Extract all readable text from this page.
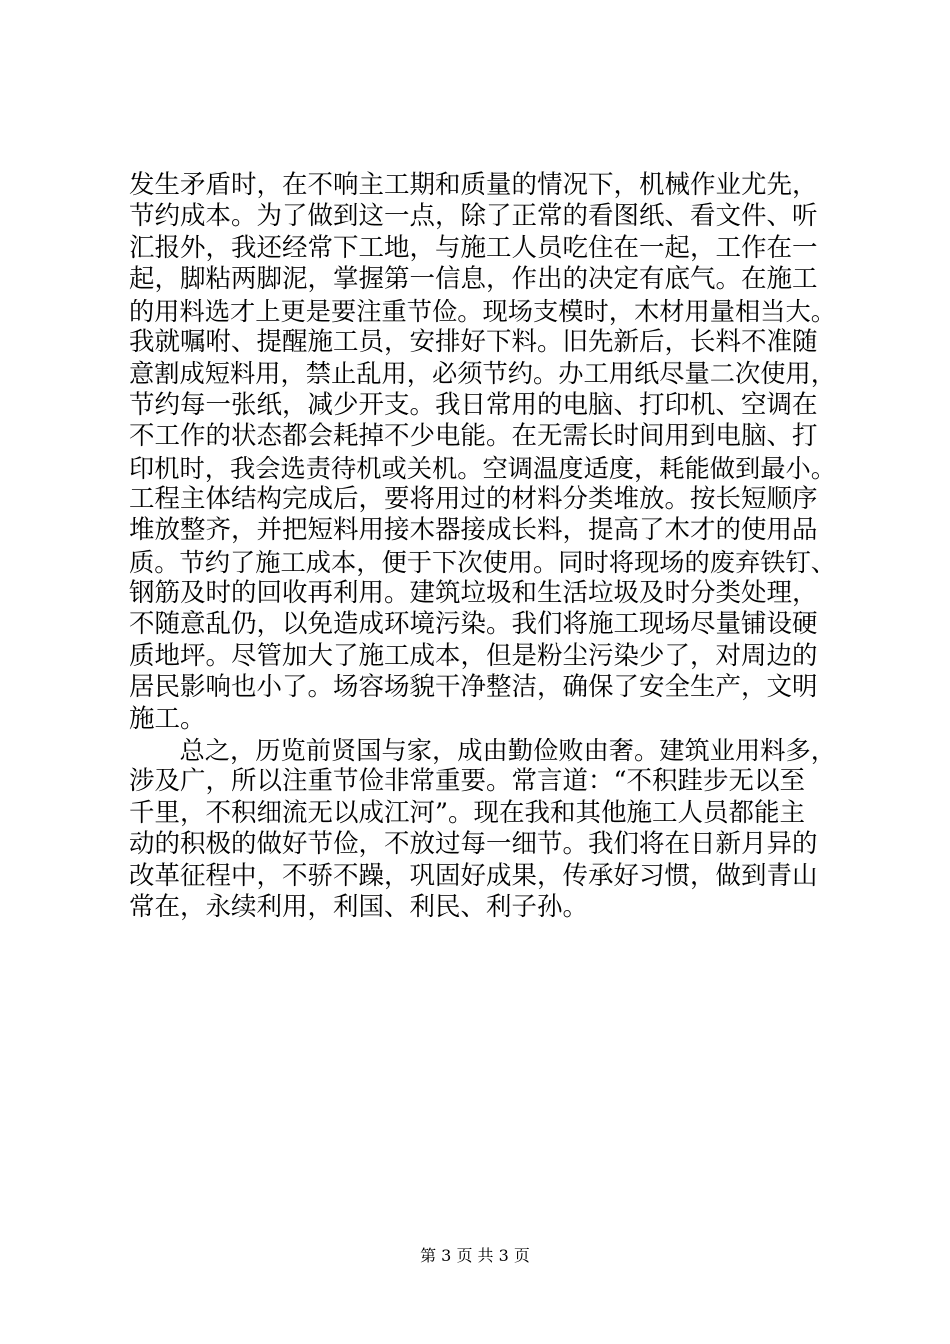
发生矛盾时，在不响主工期和质量的情况下，机械作业尤先，
节约成本。为了做到这一点，除了正常的看图纸、看文件、听
汇报外，我还经常下工地，与施工人员吃住在一起，工作在一
起，脚粘两脚泥，掌握第一信息，作出的决定有底气。在施工
的用料选才上更是要注重节俭。现场支模时，木材用量相当大。
我就嘱咐、提醒施工员，安排好下料。旧先新后，长料不准随
意割成短料用，禁止乱用，必须节约。办工用纸尽量二次使用，
节约每一张纸，减少开支。我日常用的电脑、打印机、空调在
不工作的状态都会耗掉不少电能。在无需长时间用到电脑、打
印机时，我会选责待机或关机。空调温度适度，耗能做到最小。
工程主体结构完成后，要将用过的材料分类堆放。按长短顺序
堆放整齐，并把短料用接木器接成长料，提高了木才的使用品
质。节约了施工成本，便于下次使用。同时将现场的废弃铁钉、
钢筋及时的回收再利用。建筑垃圾和生活垃圾及时分类处理，
不随意乱仍，以免造成环境污染。我们将施工现场尽量铺设硬
质地坪。尽管加大了施工成本，但是粉尘污染少了，对周边的
居民影响也小了。场容场貌干净整洁，确保了安全生产，文明
施工。
　　总之，历览前贤国与家，成由勤俭败由奢。建筑业用料多，
涉及广，所以注重节俭非常重要。常言道：“不积跬步无以至
千里，不积细流无以成江河”。现在我和其他施工人员都能主
动的积极的做好节俭，不放过每一细节。我们将在日新月异的
改革征程中，不骄不躁，巩固好成果，传承好习惯，做到青山
常在，永续利用，利国、利民、利子孙。
第 3 页 共 3 页
